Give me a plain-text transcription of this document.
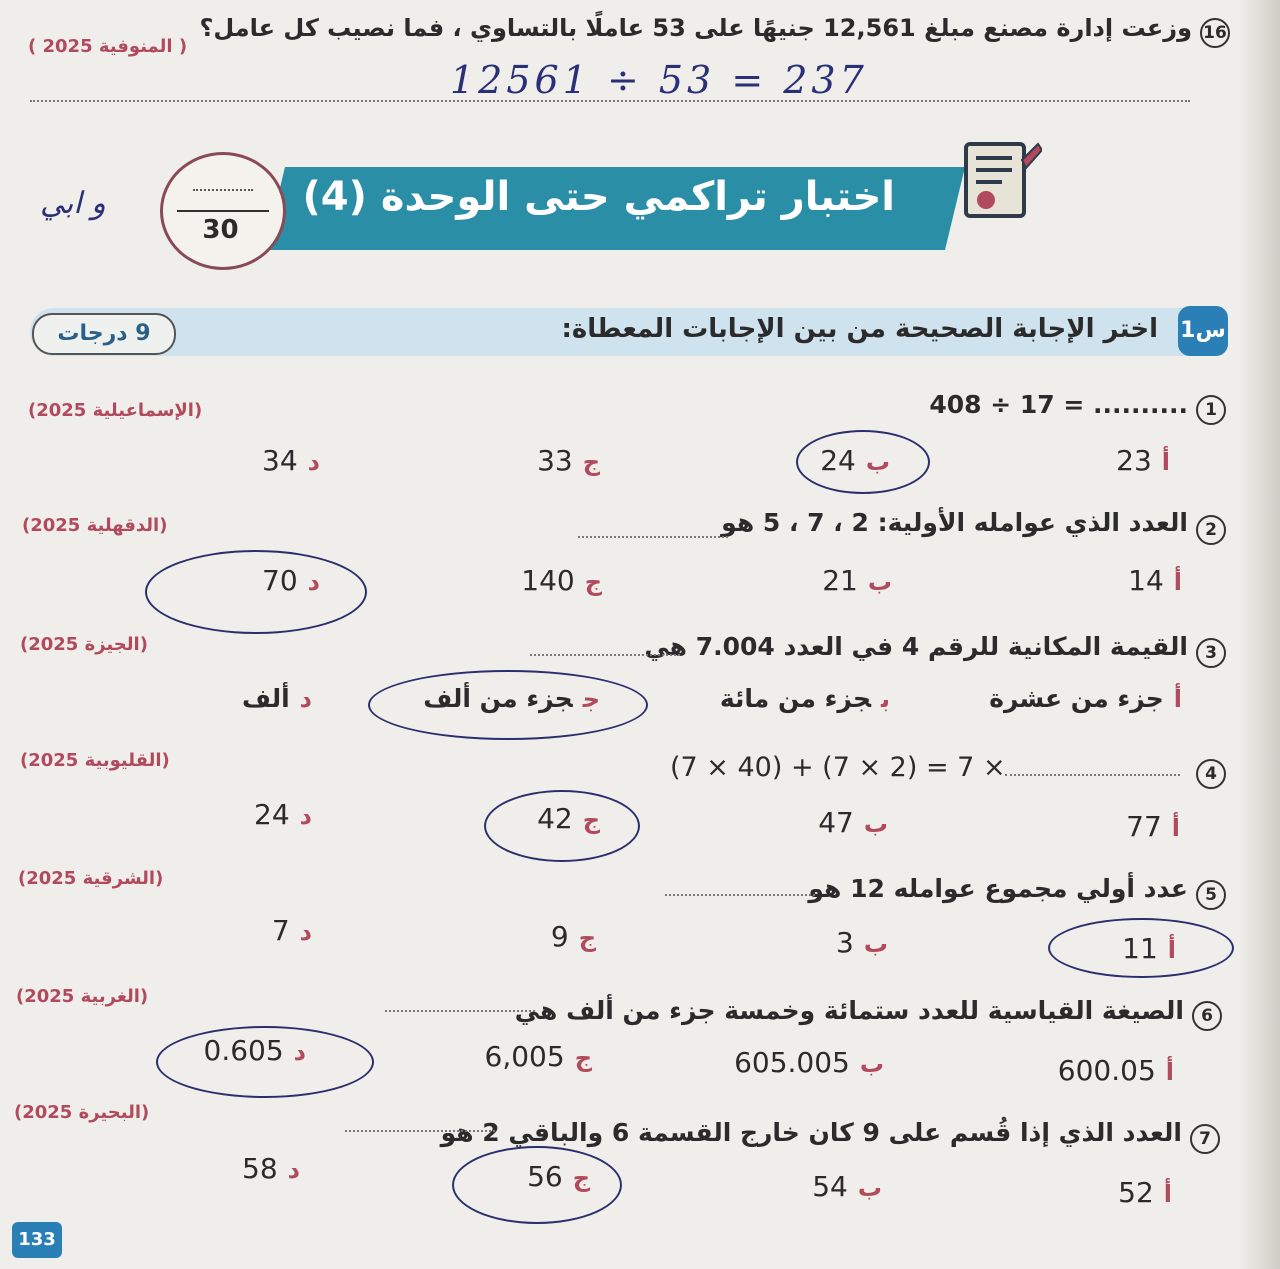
16
وزعت إدارة مصنع مبلغ 12,561 جنيهًا على 53 عاملًا بالتساوي ، فما نصيب كل عامل؟
( المنوفية 2025 )
12561 ÷ 53 = 237
اختبار تراكمي حتى الوحدة (4)
30
و ابي
س1
اختر الإجابة الصحيحة من بين الإجابات المعطاة:
9 درجات
1
408 ÷ 17 = ..........
(الإسماعيلية 2025)
أ23
ب24
ج33
د34
2
العدد الذي عوامله الأولية: 2 ، 7 ، 5 هو
(الدقهلية 2025)
أ14
ب21
ج140
د70
3
القيمة المكانية للرقم 4 في العدد 7.004 هي
(الجيزة 2025)
أجزء من عشرة
بجزء من مائة
ججزء من ألف
دألف
4
(7 × 40) + (7 × 2) = 7 ×
(القليوبية 2025)
أ77
ب47
ج42
د24
5
عدد أولي مجموع عوامله 12 هو
(الشرقية 2025)
أ11
ب3
ج9
د7
6
الصيغة القياسية للعدد ستمائة وخمسة جزء من ألف هي
(الغربية 2025)
أ600.05
ب605.005
ج6,005
د0.605
7
العدد الذي إذا قُسم على 9 كان خارج القسمة 6 والباقي 2 هو
(البحيرة 2025)
أ52
ب54
ج56
د58
133
